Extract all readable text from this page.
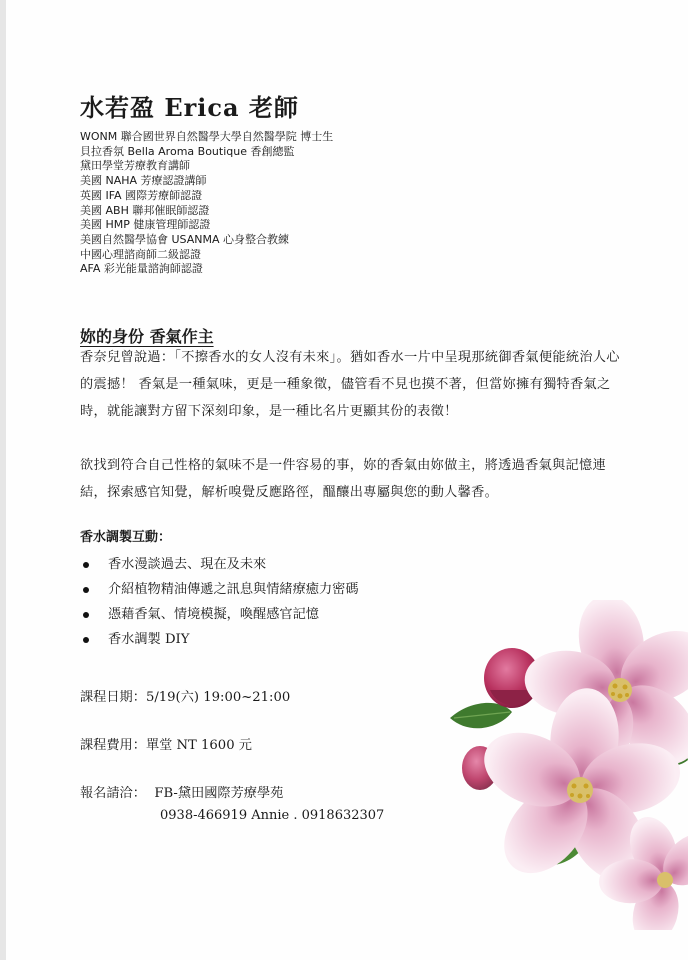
水若盈 Erica 老師
WONM 聯合國世界自然醫學大學自然醫學院 博士生
貝拉香氛 Bella Aroma Boutique 香創總監
黛田學堂芳療教育講師
美國 NAHA 芳療認證講師
英國 IFA 國際芳療師認證
美國 ABH 聯邦催眠師認證
美國 HMP 健康管理師認證
美國自然醫學協會 USANMA 心身整合教練
中國心理諮商師二級認證
AFA 彩光能量諮詢師認證
妳的身份 香氣作主

香奈兒曾說過：「不擦香水的女人沒有未來」。猶如香水一片中呈現那統御香氣便能統治人心的震撼！ 香氣是一種氣味，更是一種象徵，儘管看不見也摸不著，但當妳擁有獨特香氣之時，就能讓對方留下深刻印象，是一種比名片更顯其份的表徵！

欲找到符合自己性格的氣味不是一件容易的事，妳的香氣由妳做主，將透過香氣與記憶連結，探索感官知覺，解析嗅覺反應路徑，醞釀出專屬與您的動人馨香。

香水調製互動：
香水漫談過去、現在及未來
介紹植物精油傳遞之訊息與情緒療癒力密碼
憑藉香氣、情境模擬，喚醒感官記憶
香水調製 DIY
課程日期：5/19(六) 19:00~21:00
課程費用：單堂 NT 1600 元
報名請洽： FB-黛田國際芳療學苑
0938-466919 Annie . 0918632307
